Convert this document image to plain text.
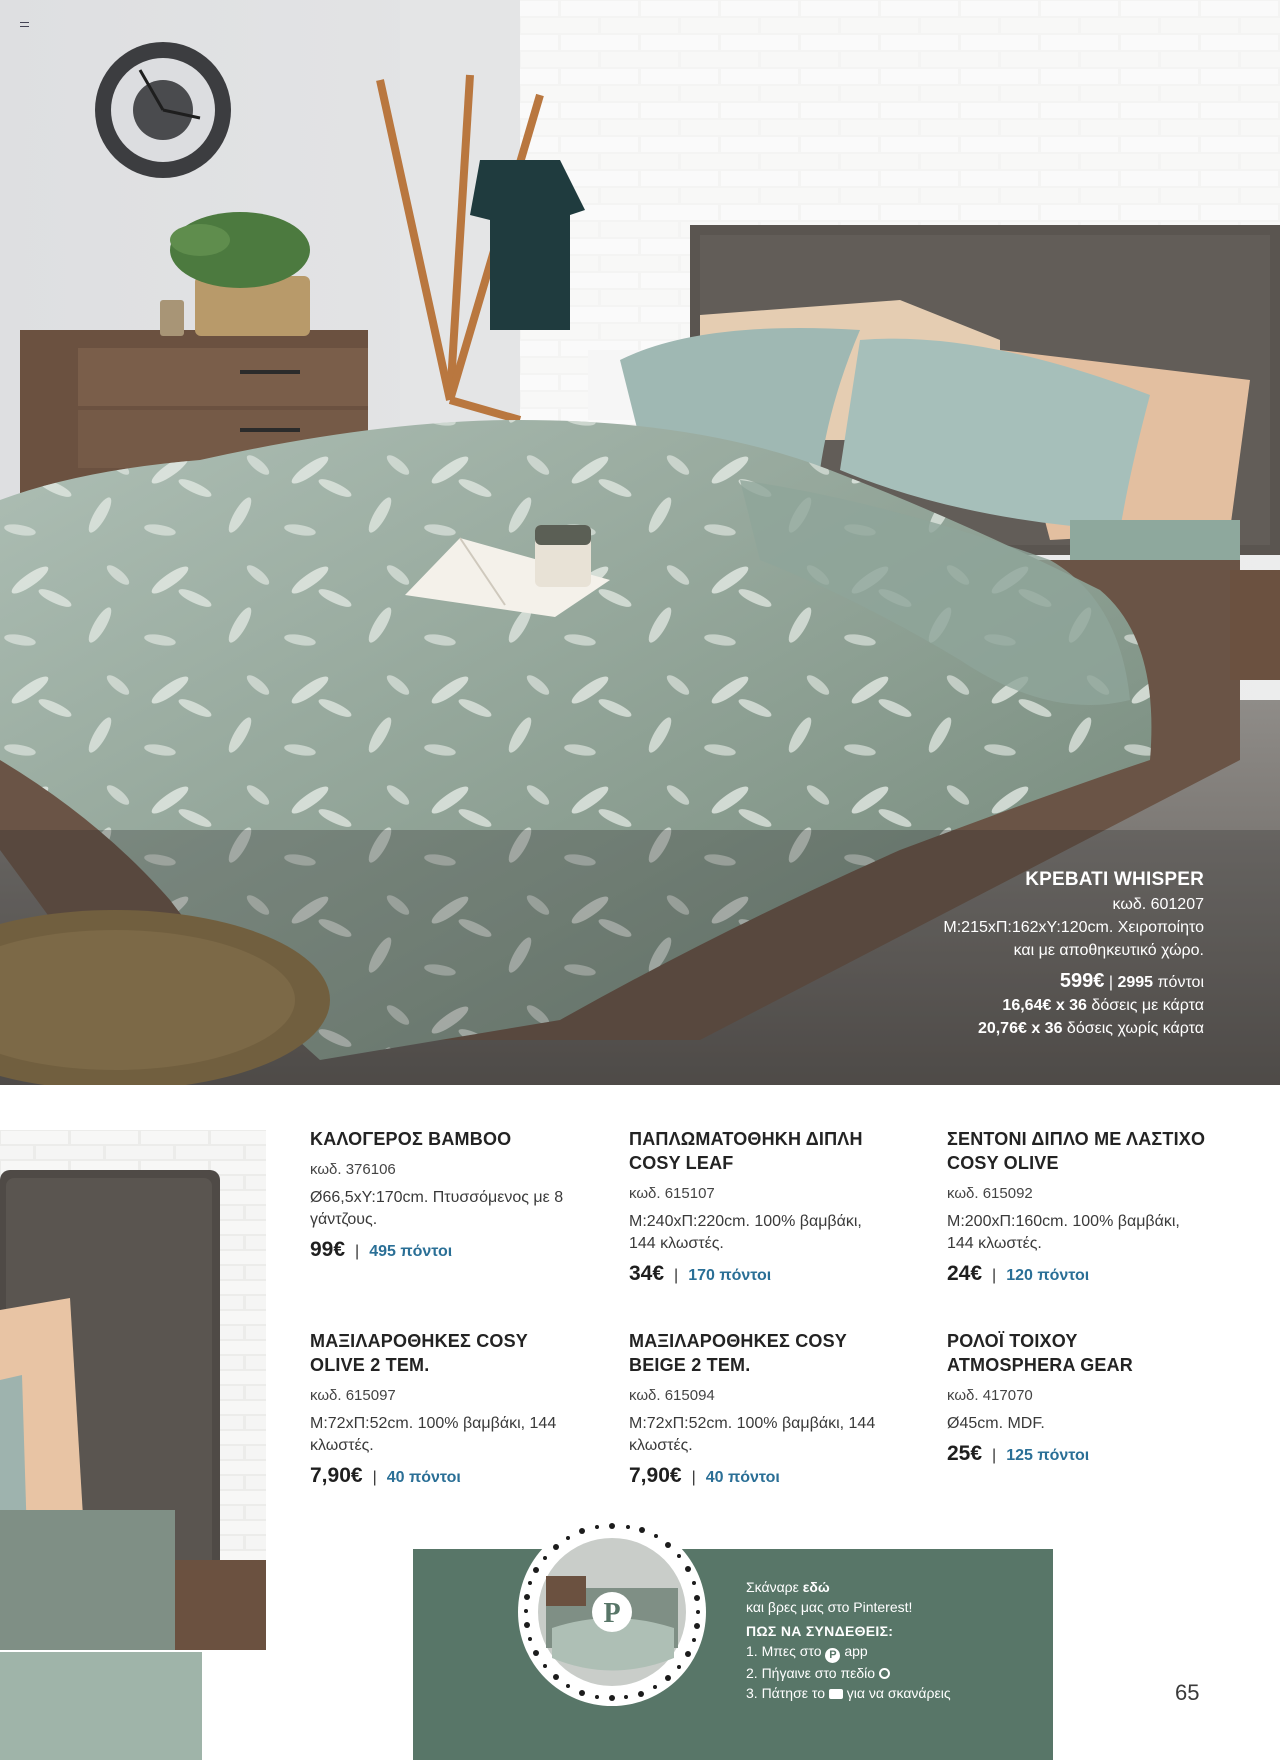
ΚΡΕΒΑΤΙ WHISPER
κωδ. 601207
Μ:215xΠ:162xΥ:120cm. Χειροποίητο
και με αποθηκευτικό χώρο.
599€ | 2995 πόντοι
16,64€ x 36 δόσεις με κάρτα
20,76€ x 36 δόσεις χωρίς κάρτα
ΚΑΛΟΓΕΡΟΣ BAMBOO
κωδ. 376106
Ø66,5xΥ:170cm. Πτυσσόμενος με 8 γάντζους.
99€ | 495 πόντοι
ΠΑΠΛΩΜΑΤΟΘΗΚΗ ΔΙΠΛΗ COSY LEAF
κωδ. 615107
Μ:240xΠ:220cm. 100% βαμβάκι, 144 κλωστές.
34€ | 170 πόντοι
ΣΕΝΤΟΝΙ ΔΙΠΛΟ ΜΕ ΛΑΣΤΙΧΟ COSY OLIVE
κωδ. 615092
Μ:200xΠ:160cm. 100% βαμβάκι, 144 κλωστές.
24€ | 120 πόντοι
ΜΑΞΙΛΑΡΟΘΗΚΕΣ COSY OLIVE 2 ΤΕΜ.
κωδ. 615097
Μ:72xΠ:52cm. 100% βαμβάκι, 144 κλωστές.
7,90€ | 40 πόντοι
ΜΑΞΙΛΑΡΟΘΗΚΕΣ COSY BEIGE 2 ΤΕΜ.
κωδ. 615094
Μ:72xΠ:52cm. 100% βαμβάκι, 144 κλωστές.
7,90€ | 40 πόντοι
ΡΟΛΟΪ ΤΟΙΧΟΥ ATMOSPHERA GEAR
κωδ. 417070
Ø45cm. MDF.
25€ | 125 πόντοι
P
Σκάναρε εδώ
και βρες μας στο Pinterest!
ΠΩΣ ΝΑ ΣΥΝΔΕΘΕΙΣ:
1. Μπες στο P app
2. Πήγαινε στο πεδίο
3. Πάτησε το για να σκανάρεις	65
